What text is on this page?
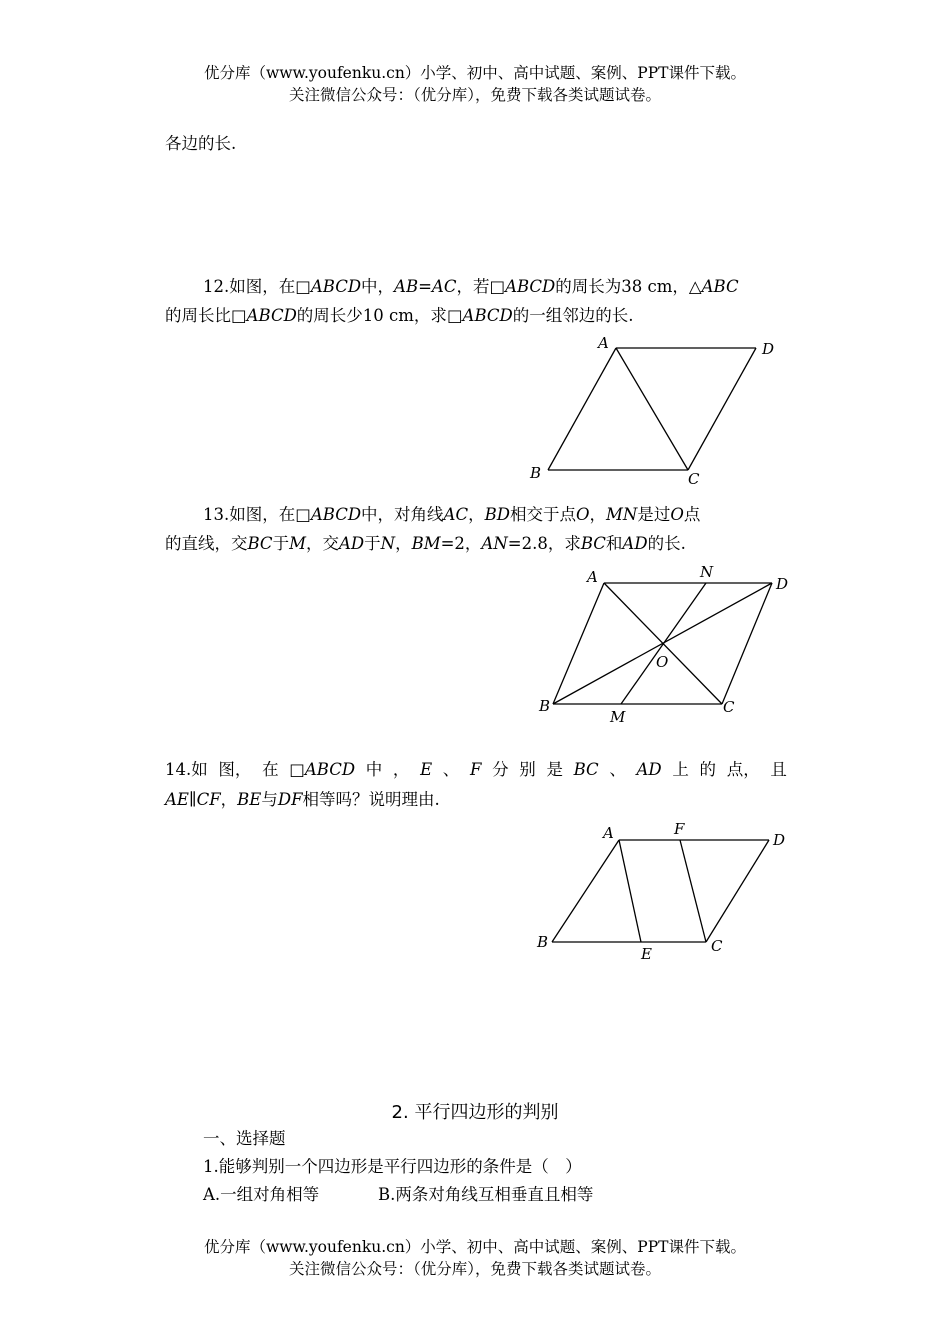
优分库（www.youfenku.cn）小学、初中、高中试题、案例、PPT课件下载。
关注微信公众号：（优分库），免费下载各类试题试卷。
各边的长.
12.如图，在□ABCD中，AB=AC，若□ABCD的周长为38 cm，△ABC
的周长比□ABCD的周长少10 cm，求□ABCD的一组邻边的长.
A	D
B	C
13.如图，在□ABCD中，对角线AC，BD相交于点O，MN是过O点
的直线，交BC于M，交AD于N，BM=2，AN=2.8，求BC和AD的长.
A	N
D
O
B
M
C
14.如 图， 在 □ABCD 中 ， E 、 F 分 别 是 BC 、 AD 上 的 点， 且
AE∥CF，BE与DF相等吗？说明理由.
A	F
D
B
E	C
2. 平行四边形的判别
一、选择题
1.能够判别一个四边形是平行四边形的条件是（　）
A.一组对角相等	B.两条对角线互相垂直且相等
优分库（www.youfenku.cn）小学、初中、高中试题、案例、PPT课件下载。
关注微信公众号：（优分库），免费下载各类试题试卷。
